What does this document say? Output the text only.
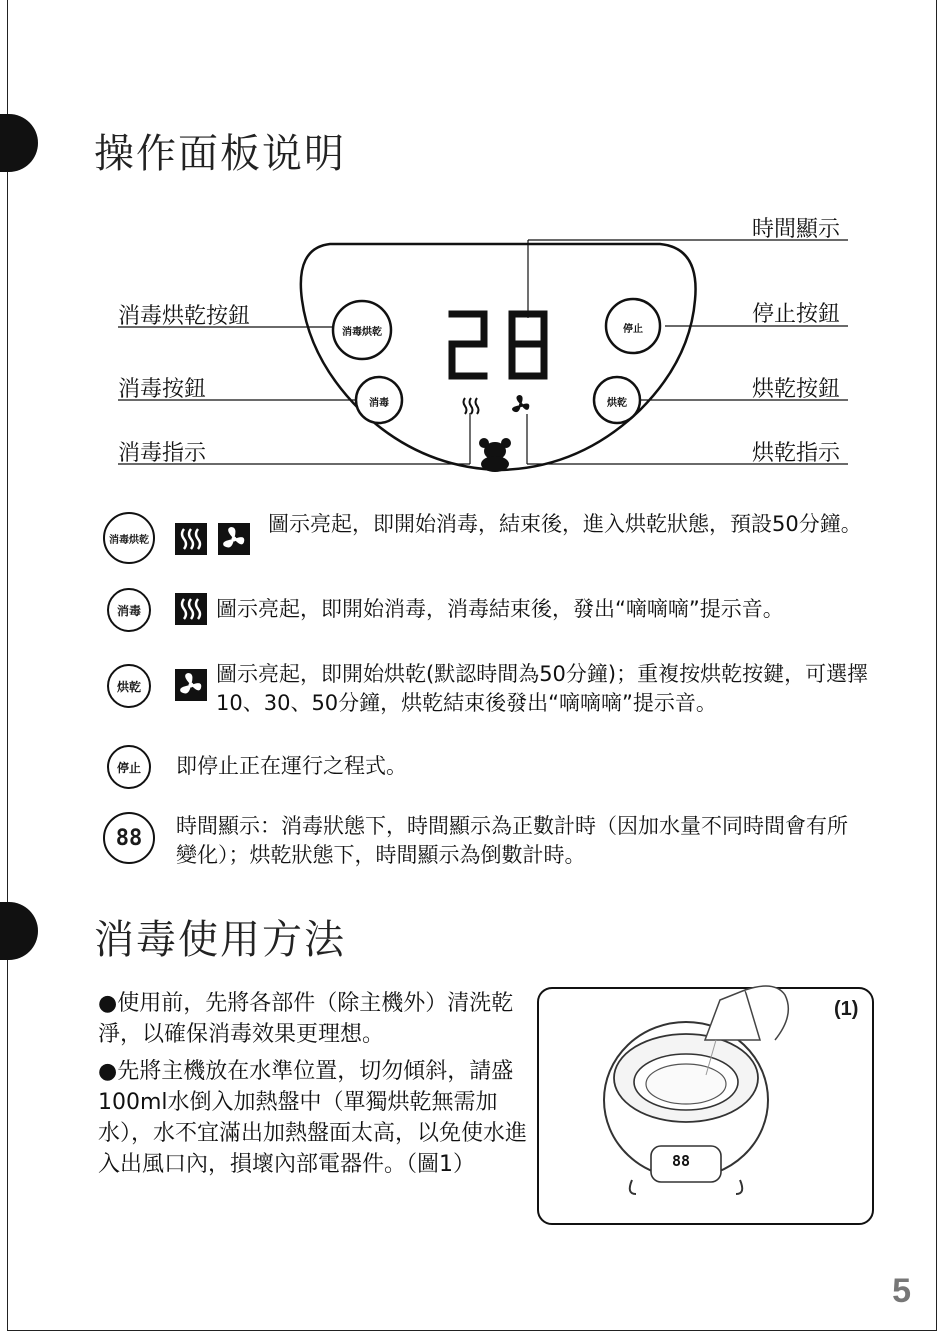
操作面板说明
消毒烘乾	停止
消毒	烘乾
時間顯示
消毒烘乾按鈕	停止按鈕
消毒按鈕	烘乾按鈕
消毒指示	烘乾指示
消毒烘乾
圖示亮起，即開始消毒，結束後，進入烘乾狀態，預設50分鐘。
消毒	圖示亮起，即開始消毒，消毒結束後，發出“嘀嘀嘀”提示音。
烘乾
圖示亮起，即開始烘乾(默認時間為50分鐘)；重複按烘乾按鍵，可選擇10、30、50分鐘，烘乾結束後發出“嘀嘀嘀”提示音。
停止 即停止正在運行之程式。
88 時間顯示：消毒狀態下，時間顯示為正數計時（因加水量不同時間會有所變化）；烘乾狀態下，時間顯示為倒數計時。
消毒使用方法
●使用前，先將各部件（除主機外）清洗乾淨，以確保消毒效果更理想。
●先將主機放在水準位置，切勿傾斜，請盛100ml水倒入加熱盤中（單獨烘乾無需加水），水不宜滿出加熱盤面太高，以免使水進入出風口內，損壞內部電器件。（圖1）
(1)
88
5
